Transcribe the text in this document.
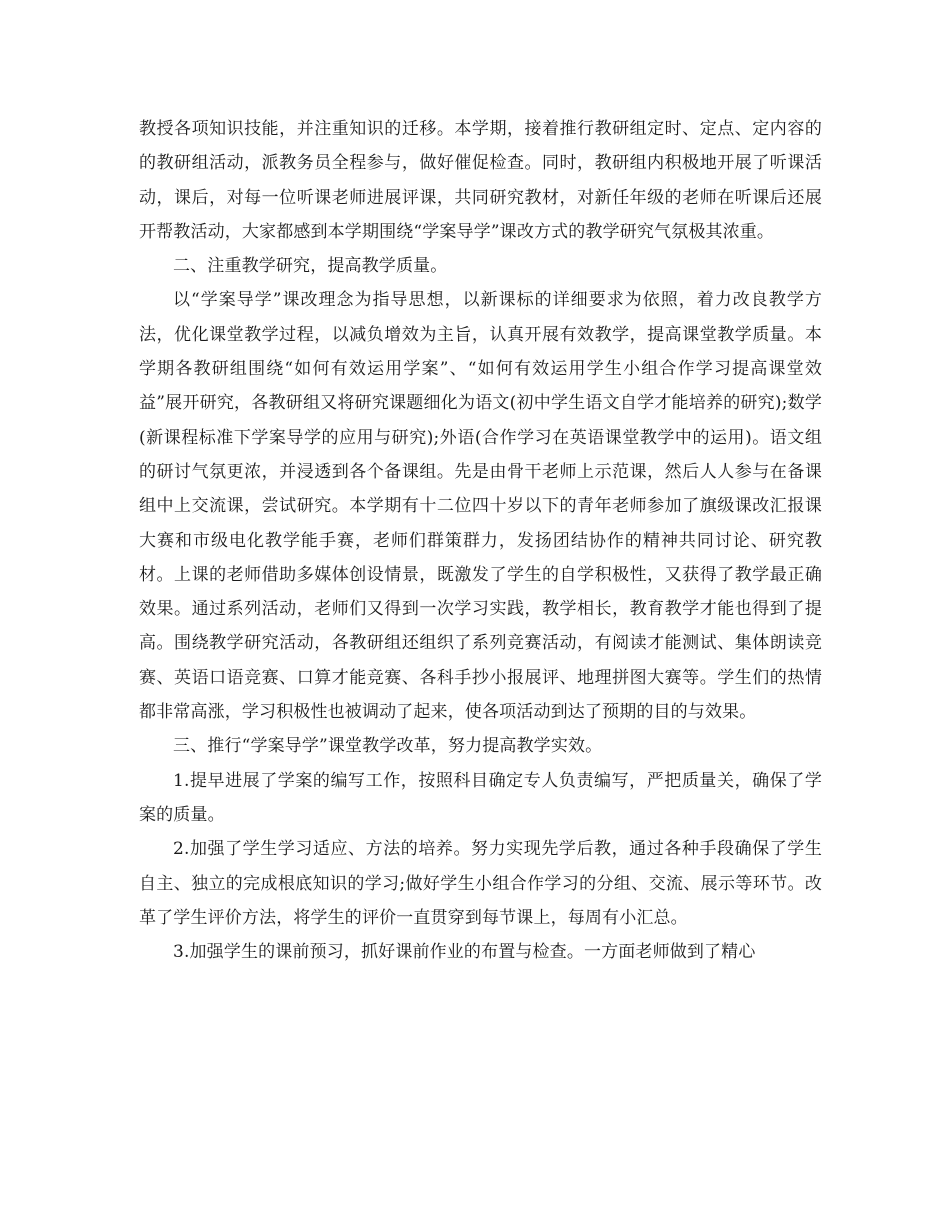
教授各项知识技能，并注重知识的迁移。本学期，接着推行教研组定时、定点、定内容的的教研组活动，派教务员全程参与，做好催促检查。同时，教研组内积极地开展了听课活动，课后，对每一位听课老师进展评课，共同研究教材，对新任年级的老师在听课后还展开帮教活动，大家都感到本学期围绕“学案导学”课改方式的教学研究气氛极其浓重。

二、注重教学研究，提高教学质量。

以“学案导学”课改理念为指导思想，以新课标的详细要求为依照，着力改良教学方法，优化课堂教学过程，以减负增效为主旨，认真开展有效教学，提高课堂教学质量。本学期各教研组围绕“如何有效运用学案”、“如何有效运用学生小组合作学习提高课堂效益”展开研究，各教研组又将研究课题细化为语文(初中学生语文自学才能培养的研究);数学(新课程标准下学案导学的应用与研究);外语(合作学习在英语课堂教学中的运用)。语文组的研讨气氛更浓，并浸透到各个备课组。先是由骨干老师上示范课，然后人人参与在备课组中上交流课，尝试研究。本学期有十二位四十岁以下的青年老师参加了旗级课改汇报课大赛和市级电化教学能手赛，老师们群策群力，发扬团结协作的精神共同讨论、研究教材。上课的老师借助多媒体创设情景，既激发了学生的自学积极性，又获得了教学最正确效果。通过系列活动，老师们又得到一次学习实践，教学相长，教育教学才能也得到了提高。围绕教学研究活动，各教研组还组织了系列竞赛活动，有阅读才能测试、集体朗读竞赛、英语口语竞赛、口算才能竞赛、各科手抄小报展评、地理拼图大赛等。学生们的热情都非常高涨，学习积极性也被调动了起来，使各项活动到达了预期的目的与效果。

三、推行“学案导学”课堂教学改革，努力提高教学实效。

1.提早进展了学案的编写工作，按照科目确定专人负责编写，严把质量关，确保了学案的质量。

2.加强了学生学习适应、方法的培养。努力实现先学后教，通过各种手段确保了学生自主、独立的完成根底知识的学习;做好学生小组合作学习的分组、交流、展示等环节。改革了学生评价方法，将学生的评价一直贯穿到每节课上，每周有小汇总。

3.加强学生的课前预习，抓好课前作业的布置与检查。一方面老师做到了精心
